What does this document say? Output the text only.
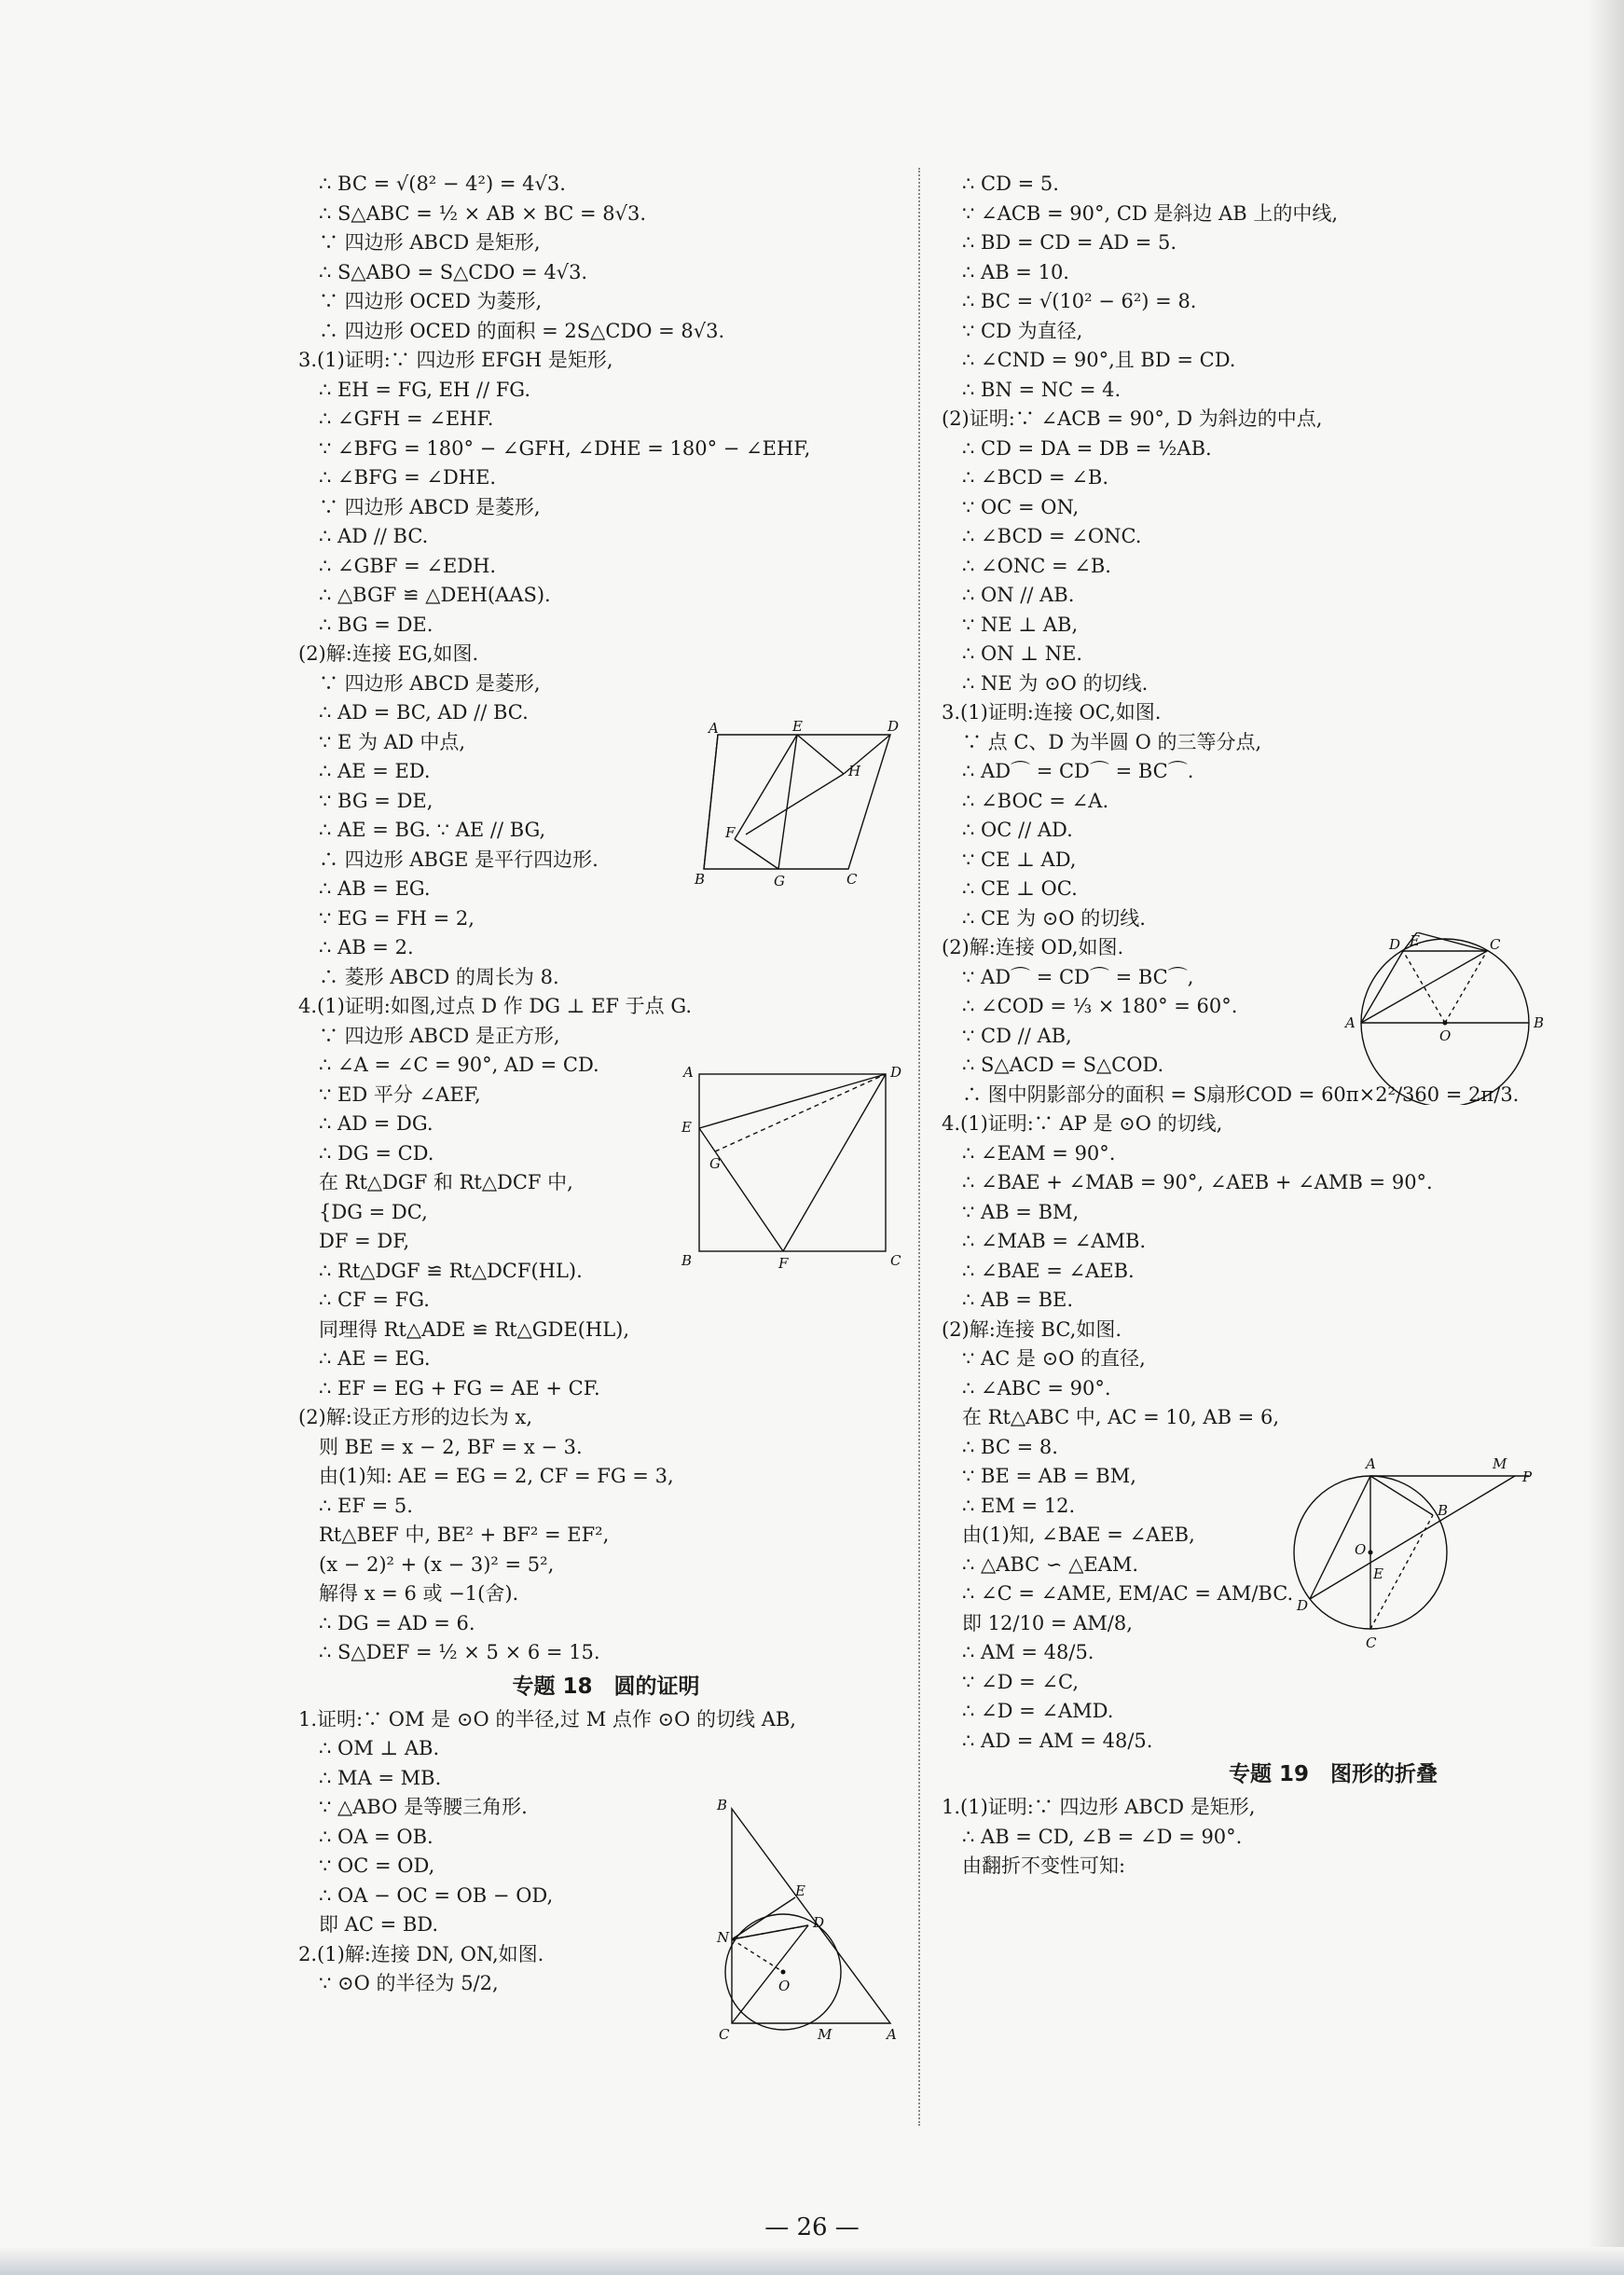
∴ BC = √(8² − 4²) = 4√3.
∴ S△ABC = ½ × AB × BC = 8√3.
∵ 四边形 ABCD 是矩形,
∴ S△ABO = S△CDO = 4√3.
∵ 四边形 OCED 为菱形,
∴ 四边形 OCED 的面积 = 2S△CDO = 8√3.
3.(1)证明:∵ 四边形 EFGH 是矩形,
∴ EH = FG, EH // FG.
∴ ∠GFH = ∠EHF.
∵ ∠BFG = 180° − ∠GFH, ∠DHE = 180° − ∠EHF,
∴ ∠BFG = ∠DHE.
∵ 四边形 ABCD 是菱形,
∴ AD // BC.
∴ ∠GBF = ∠EDH.
∴ △BGF ≌ △DEH(AAS).
∴ BG = DE.
(2)解:连接 EG,如图.
∵ 四边形 ABCD 是菱形,
∴ AD = BC, AD // BC.
∵ E 为 AD 中点,
∴ AE = ED.
∵ BG = DE,
∴ AE = BG. ∵ AE // BG,
∴ 四边形 ABGE 是平行四边形.
∴ AB = EG.
∵ EG = FH = 2,
∴ AB = 2.
∴ 菱形 ABCD 的周长为 8.
4.(1)证明:如图,过点 D 作 DG ⊥ EF 于点 G.
∵ 四边形 ABCD 是正方形,
∴ ∠A = ∠C = 90°, AD = CD.
∵ ED 平分 ∠AEF,
∴ AD = DG.
∴ DG = CD.
在 Rt△DGF 和 Rt△DCF 中,
{DG = DC,
DF = DF,
∴ Rt△DGF ≌ Rt△DCF(HL).
∴ CF = FG.
同理得 Rt△ADE ≌ Rt△GDE(HL),
∴ AE = EG.
∴ EF = EG + FG = AE + CF.
(2)解:设正方形的边长为 x,
则 BE = x − 2, BF = x − 3.
由(1)知: AE = EG = 2, CF = FG = 3,
∴ EF = 5.
Rt△BEF 中, BE² + BF² = EF²,
(x − 2)² + (x − 3)² = 5²,
解得 x = 6 或 −1(舍).
∴ DG = AD = 6.
∴ S△DEF = ½ × 5 × 6 = 15.
专题 18　圆的证明
1.证明:∵ OM 是 ⊙O 的半径,过 M 点作 ⊙O 的切线 AB,
∴ OM ⊥ AB.
∴ MA = MB.
∵ △ABO 是等腰三角形.
∴ OA = OB.
∵ OC = OD,
∴ OA − OC = OB − OD,
即 AC = BD.
2.(1)解:连接 DN, ON,如图.
∵ ⊙O 的半径为 5/2,
∴ CD = 5.
∵ ∠ACB = 90°, CD 是斜边 AB 上的中线,
∴ BD = CD = AD = 5.
∴ AB = 10.
∴ BC = √(10² − 6²) = 8.
∵ CD 为直径,
∴ ∠CND = 90°,且 BD = CD.
∴ BN = NC = 4.
(2)证明:∵ ∠ACB = 90°, D 为斜边的中点,
∴ CD = DA = DB = ½AB.
∴ ∠BCD = ∠B.
∵ OC = ON,
∴ ∠BCD = ∠ONC.
∴ ∠ONC = ∠B.
∴ ON // AB.
∵ NE ⊥ AB,
∴ ON ⊥ NE.
∴ NE 为 ⊙O 的切线.
3.(1)证明:连接 OC,如图.
∵ 点 C、D 为半圆 O 的三等分点,
∴ AD⌒ = CD⌒ = BC⌒.
∴ ∠BOC = ∠A.
∴ OC // AD.
∵ CE ⊥ AD,
∴ CE ⊥ OC.
∴ CE 为 ⊙O 的切线.
(2)解:连接 OD,如图.
∵ AD⌒ = CD⌒ = BC⌒,
∴ ∠COD = ⅓ × 180° = 60°.
∵ CD // AB,
∴ S△ACD = S△COD.
∴ 图中阴影部分的面积 = S扇形COD = 60π×2²/360 = 2π/3.
4.(1)证明:∵ AP 是 ⊙O 的切线,
∴ ∠EAM = 90°.
∴ ∠BAE + ∠MAB = 90°, ∠AEB + ∠AMB = 90°.
∵ AB = BM,
∴ ∠MAB = ∠AMB.
∴ ∠BAE = ∠AEB.
∴ AB = BE.
(2)解:连接 BC,如图.
∵ AC 是 ⊙O 的直径,
∴ ∠ABC = 90°.
在 Rt△ABC 中, AC = 10, AB = 6,
∴ BC = 8.
∵ BE = AB = BM,
∴ EM = 12.
由(1)知, ∠BAE = ∠AEB,
∴ △ABC ∽ △EAM.
∴ ∠C = ∠AME, EM/AC = AM/BC.
即 12/10 = AM/8,
∴ AM = 48/5.
∵ ∠D = ∠C,
∴ ∠D = ∠AMD.
∴ AD = AM = 48/5.
专题 19　图形的折叠
1.(1)证明:∵ 四边形 ABCD 是矩形,
∴ AB = CD, ∠B = ∠D = 90°.
由翻折不变性可知:
A	E	D
H
F
B	G	C
A	D
E
G
B	F	C
B
E
N
D
O
C	M	A
E
D	C
A
O
B
A	M
P
B
O
E
D
C
— 26 —
